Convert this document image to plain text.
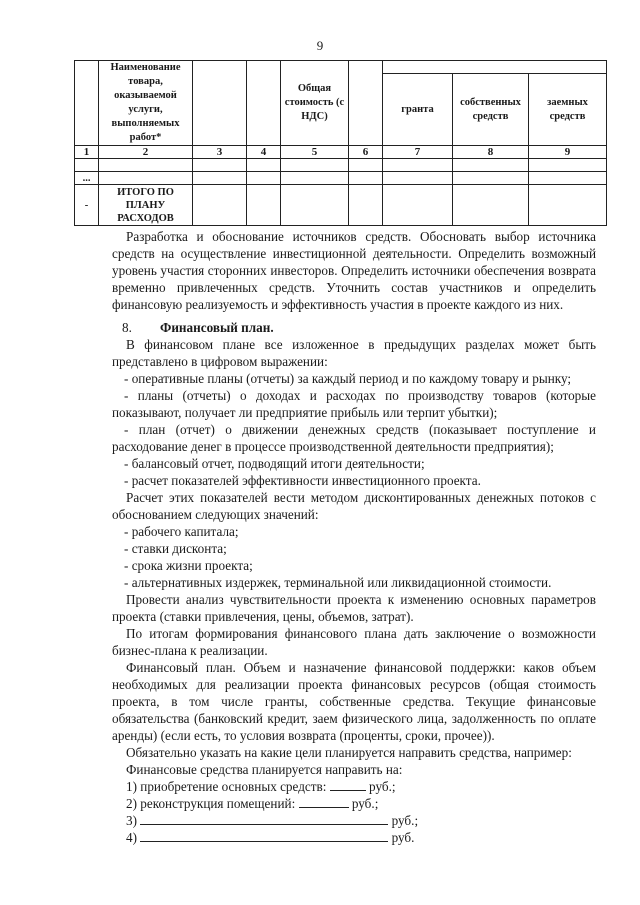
9
	Наименование товара, оказываемой услуги, выполняемых работ*			Общая стоимость (с НДС)				
						гранта	собственных средств	заемных средств
1	2	3	4	5	6	7	8	9

...								
-	ИТОГО ПО
ПЛАНУ
РАСХОДОВ							

Разработка и обоснование источников средств. Обосновать выбор источника средств на осуществление инвестиционной деятельности. Определить возможный уровень участия сторонних инвесторов. Определить источники обеспечения возврата временно привлеченных средств. Уточнить состав участников и определить финансовую реализуемость и эффективность участия в проекте каждого из них.

8. Финансовый план.

В финансовом плане все изложенное в предыдущих разделах может быть представлено в цифровом выражении:

- оперативные планы (отчеты) за каждый период и по каждому товару и рынку;

- планы (отчеты) о доходах и расходах по производству товаров (которые показывают, получает ли предприятие прибыль или терпит убытки);

- план (отчет) о движении денежных средств (показывает поступление и расходование денег в процессе производственной деятельности предприятия);

- балансовый отчет, подводящий итоги деятельности;

- расчет показателей эффективности инвестиционного проекта.

Расчет этих показателей вести методом дисконтированных денежных потоков с обоснованием следующих значений:

- рабочего капитала;

- ставки дисконта;

- срока жизни проекта;

- альтернативных издержек, терминальной или ликвидационной стоимости.

Провести анализ чувствительности проекта к изменению основных параметров проекта (ставки привлечения, цены, объемов, затрат).

По итогам формирования финансового плана дать заключение о возможности бизнес-плана к реализации.

Финансовый план. Объем и назначение финансовой поддержки: каков объем необходимых для реализации проекта финансовых ресурсов (общая стоимость проекта, в том числе гранты, собственные средства. Текущие финансовые обязательства (банковский кредит, заем физического лица, задолженность по оплате аренды) (если есть, то условия возврата (проценты, сроки, прочее)).

Обязательно указать на какие цели планируется направить средства, например:

Финансовые средства планируется направить на:

1) приобретение основных средств:	руб.;

2) реконструкция помещений:	руб.;

3)	руб.;

4)	руб.
